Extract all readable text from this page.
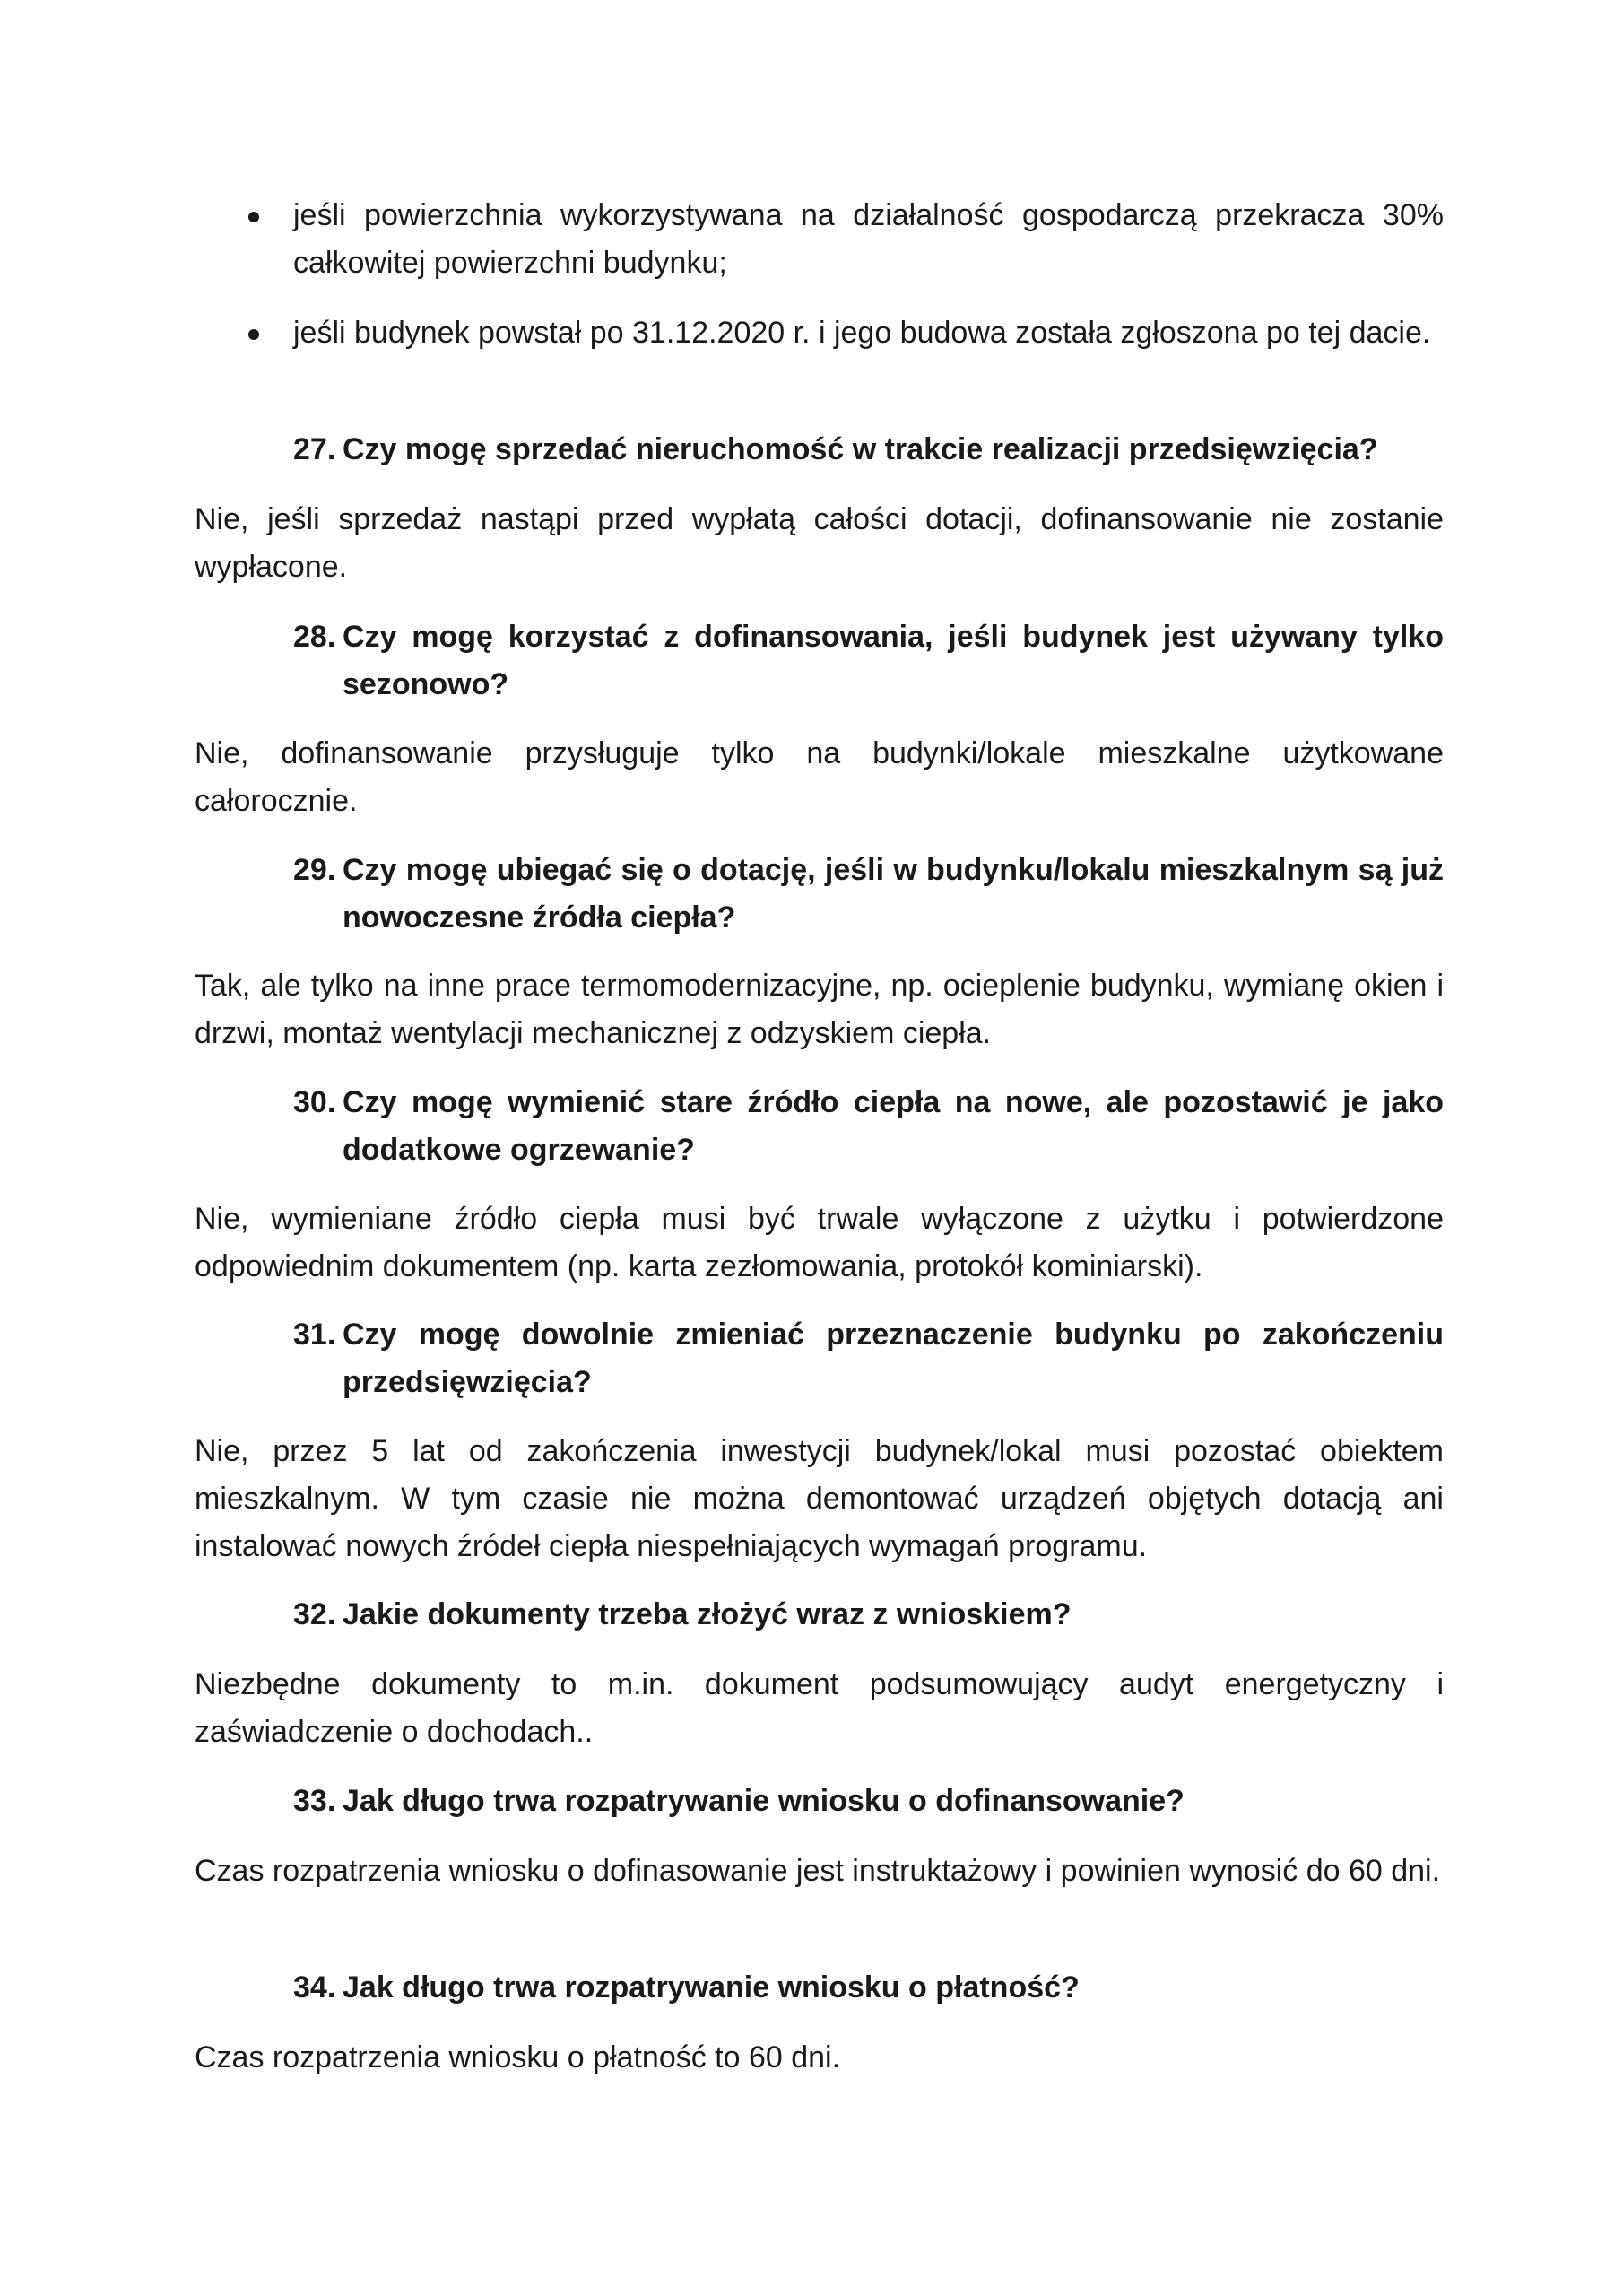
jeśli powierzchnia wykorzystywana na działalność gospodarczą przekracza 30% całkowitej powierzchni budynku;
jeśli budynek powstał po 31.12.2020 r. i jego budowa została zgłoszona po tej dacie.
27. Czy mogę sprzedać nieruchomość w trakcie realizacji przedsięwzięcia?
Nie, jeśli sprzedaż nastąpi przed wypłatą całości dotacji, dofinansowanie nie zostanie wypłacone.
28. Czy mogę korzystać z dofinansowania, jeśli budynek jest używany tylko sezonowo?
Nie, dofinansowanie przysługuje tylko na budynki/lokale mieszkalne użytkowane całorocznie.
29. Czy mogę ubiegać się o dotację, jeśli w budynku/lokalu mieszkalnym są już nowoczesne źródła ciepła?
Tak, ale tylko na inne prace termomodernizacyjne, np. ocieplenie budynku, wymianę okien i drzwi, montaż wentylacji mechanicznej z odzyskiem ciepła.
30. Czy mogę wymienić stare źródło ciepła na nowe, ale pozostawić je jako dodatkowe ogrzewanie?
Nie, wymieniane źródło ciepła musi być trwale wyłączone z użytku i potwierdzone odpowiednim dokumentem (np. karta zezłomowania, protokół kominiarski).
31. Czy mogę dowolnie zmieniać przeznaczenie budynku po zakończeniu przedsięwzięcia?
Nie, przez 5 lat od zakończenia inwestycji budynek/lokal musi pozostać obiektem mieszkalnym. W tym czasie nie można demontować urządzeń objętych dotacją ani instalować nowych źródeł ciepła niespełniających wymagań programu.
32. Jakie dokumenty trzeba złożyć wraz z wnioskiem?
Niezbędne dokumenty to m.in. dokument podsumowujący audyt energetyczny i zaświadczenie o dochodach..
33. Jak długo trwa rozpatrywanie wniosku o dofinansowanie?
Czas rozpatrzenia wniosku o dofinasowanie jest instruktażowy i powinien wynosić do 60 dni.
34. Jak długo trwa rozpatrywanie wniosku o płatność?
Czas rozpatrzenia wniosku o płatność to 60 dni.
